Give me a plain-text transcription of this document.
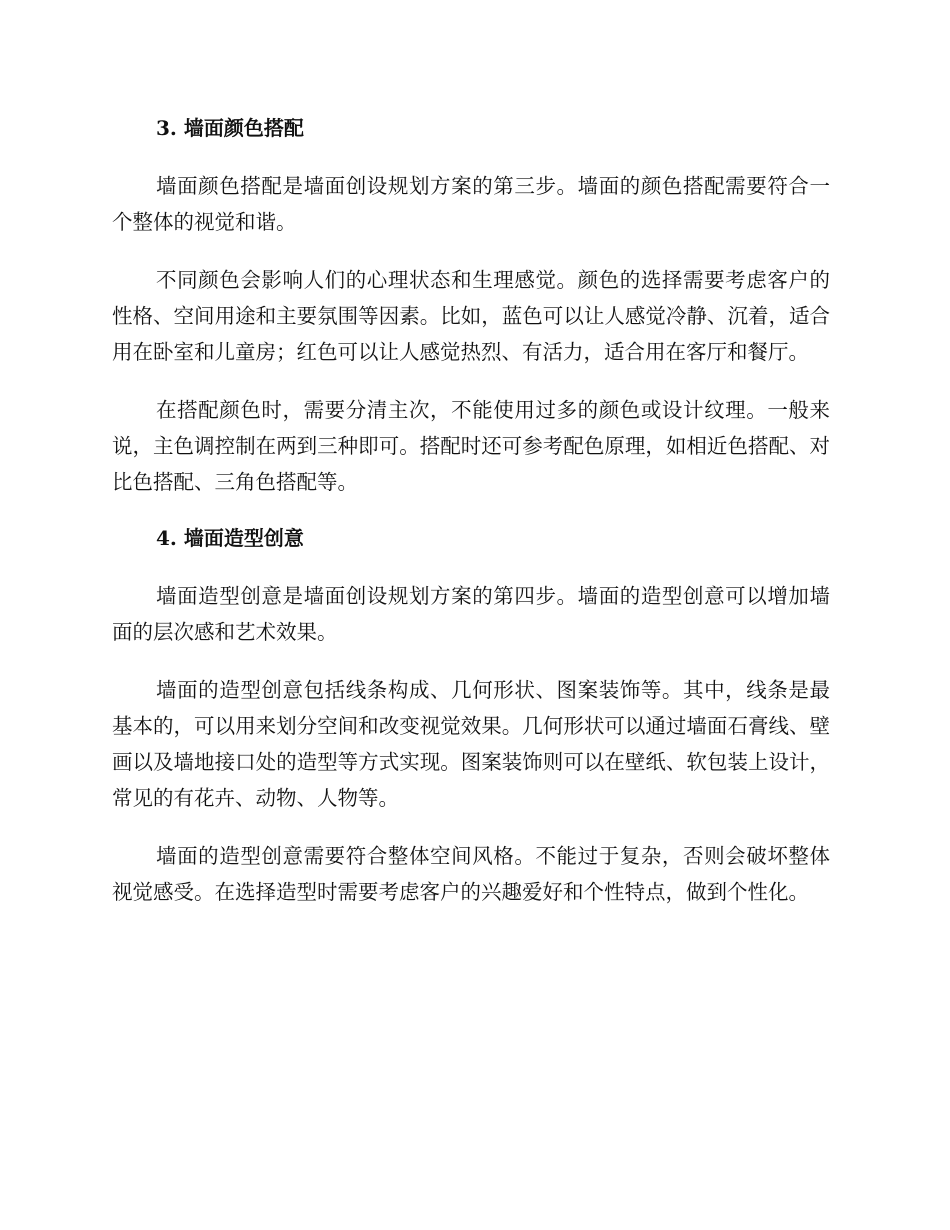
3. 墙面颜色搭配

墙面颜色搭配是墙面创设规划方案的第三步。墙面的颜色搭配需要符合一个整体的视觉和谐。

不同颜色会影响人们的心理状态和生理感觉。颜色的选择需要考虑客户的性格、空间用途和主要氛围等因素。比如，蓝色可以让人感觉冷静、沉着，适合用在卧室和儿童房；红色可以让人感觉热烈、有活力，适合用在客厅和餐厅。

在搭配颜色时，需要分清主次，不能使用过多的颜色或设计纹理。一般来说，主色调控制在两到三种即可。搭配时还可参考配色原理，如相近色搭配、对比色搭配、三角色搭配等。

4. 墙面造型创意

墙面造型创意是墙面创设规划方案的第四步。墙面的造型创意可以增加墙面的层次感和艺术效果。

墙面的造型创意包括线条构成、几何形状、图案装饰等。其中，线条是最基本的，可以用来划分空间和改变视觉效果。几何形状可以通过墙面石膏线、壁画以及墙地接口处的造型等方式实现。图案装饰则可以在壁纸、软包装上设计，常见的有花卉、动物、人物等。

墙面的造型创意需要符合整体空间风格。不能过于复杂，否则会破坏整体视觉感受。在选择造型时需要考虑客户的兴趣爱好和个性特点，做到个性化。
